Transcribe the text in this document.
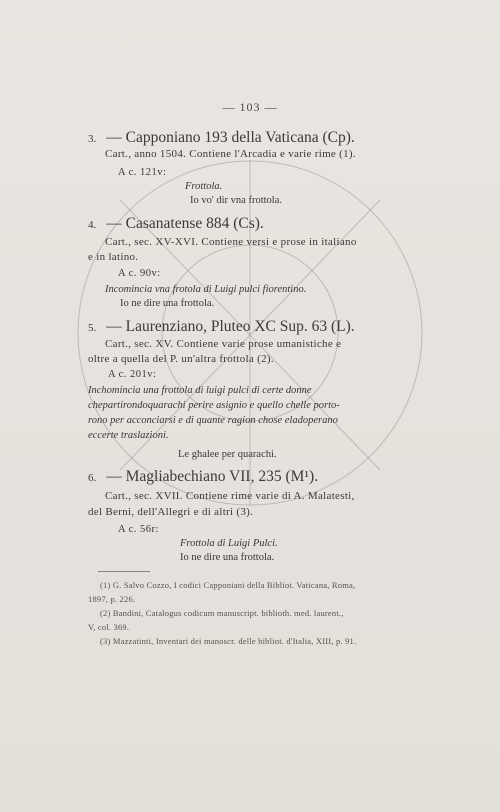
— 103 —
3. — Capponiano 193 della Vaticana (Cp).
Cart., anno 1504. Contiene l'Arcadia e varie rime (1).
A c. 121v:
Frottola.
Io vo' dir vna frottola.
4. — Casanatense 884 (Cs).
Cart., sec. XV-XVI. Contiene versi e prose in italiano
e in latino.
A c. 90v:
Incomincia vna frotola di Luigi pulci fiorentino.
Io ne dire una frottola.
5. — Laurenziano, Pluteo XC Sup. 63 (L).
Cart., sec. XV. Contiene varie prose umanistiche e
oltre a quella del P. un'altra frottola (2).
A c. 201v:
Inchomincia una frottola di luigi pulci di certe donne
chepartirondoquarachi perire asignio e quello chelle porto-
rono per acconciarsi e di quante ragion chose eladoperano
eccerte traslazioni.
Le ghalee per quarachi.
6. — Magliabechiano VII, 235 (M¹).
Cart., sec. XVII. Contiene rime varie di A. Malatesti,
del Berni, dell'Allegri e di altri (3).
A c. 56r:
Frottola di Luigi Pulci.
Io ne dire una frottola.
(1) G. Salvo Cozzo, I codici Capponiani della Bibliot. Vaticana, Roma,
1897, p. 226.
(2) Bandini, Catalogus codicum manuscript. biblioth. med. laurent.,
V, col. 369.
(3) Mazzatinti, Inventari dei manoscr. delle bibliot. d'Italia, XIII, p. 91.
